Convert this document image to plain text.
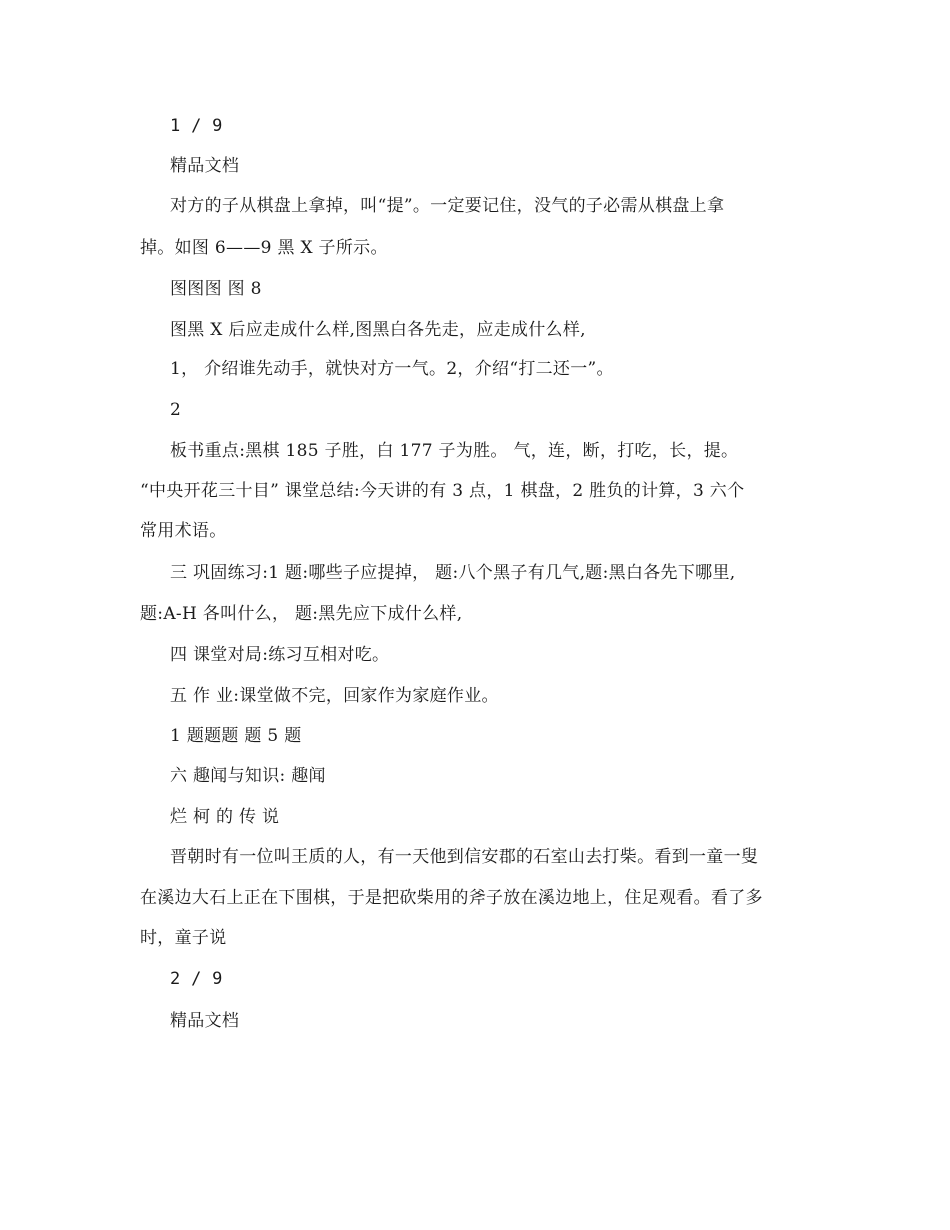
1 / 9
精品文档
对方的子从棋盘上拿掉，叫“提”。一定要记住，没气的子必需从棋盘上拿
掉。如图 6——9 黑 X 子所示。
图图图 图 8
图黑 X 后应走成什么样,图黑白各先走，应走成什么样,
1， 介绍谁先动手，就快对方一气。2，介绍“打二还一”。
2
板书重点:黑棋 185 子胜，白 177 子为胜。 气，连，断，打吃，长，提。
“中央开花三十目” 课堂总结:今天讲的有 3 点，1 棋盘，2 胜负的计算，3 六个
常用术语。
三 巩固练习:1 题:哪些子应提掉， 题:八个黑子有几气,题:黑白各先下哪里,
题:A-H 各叫什么， 题:黑先应下成什么样,
四 课堂对局:练习互相对吃。
五 作 业:课堂做不完，回家作为家庭作业。
1 题题题 题 5 题
六 趣闻与知识: 趣闻
烂 柯 的 传 说
晋朝时有一位叫王质的人，有一天他到信安郡的石室山去打柴。看到一童一叟
在溪边大石上正在下围棋，于是把砍柴用的斧子放在溪边地上，住足观看。看了多
时，童子说
2 / 9
精品文档
